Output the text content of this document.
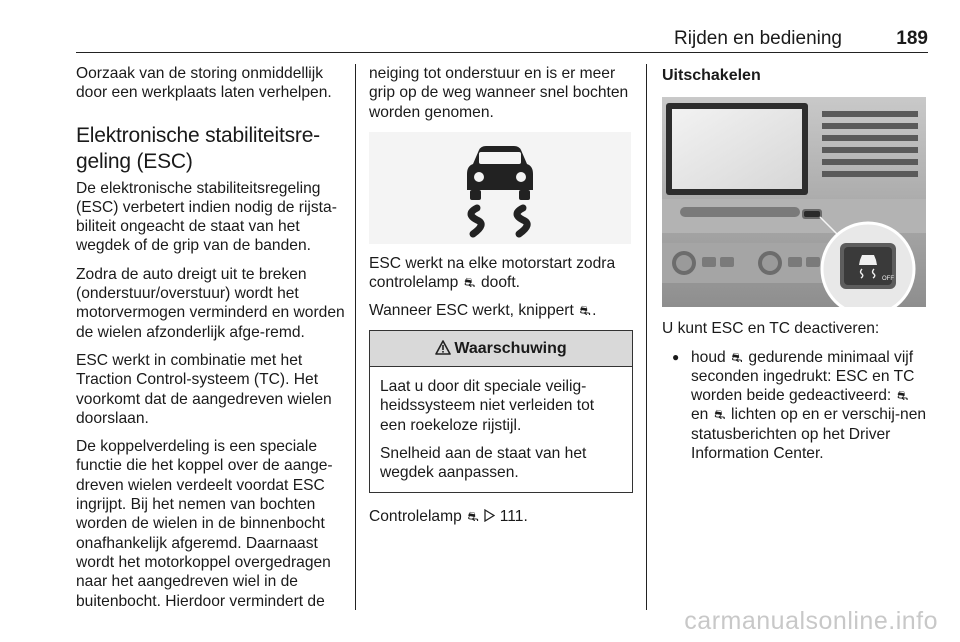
Rijden en bediening	189

Oorzaak van de storing onmiddellijk door een werkplaats laten verhelpen.

Elektronische stabiliteitsre-geling (ESC)

De elektronische stabiliteitsregeling (ESC) verbetert indien nodig de rijsta-biliteit ongeacht de staat van het wegdek of de grip van de banden.

Zodra de auto dreigt uit te breken (onderstuur/overstuur) wordt het motorvermogen verminderd en worden de wielen afzonderlijk afge-remd.

ESC werkt in combinatie met het Traction Control-systeem (TC). Het voorkomt dat de aangedreven wielen doorslaan.

De koppelverdeling is een speciale functie die het koppel over de aange-dreven wielen verdeelt voordat ESC ingrijpt. Bij het nemen van bochten worden de wielen in de binnenbocht onafhankelijk afgeremd. Daarnaast wordt het motorkoppel overgedragen naar het aangedreven wiel in de buitenbocht. Hierdoor vermindert de

neiging tot onderstuur en is er meer grip op de weg wanneer snel bochten worden genomen.

ESC werkt na elke motorstart zodra controlelamp ⛐ dooft.

Wanneer ESC werkt, knippert ⛐.

Waarschuwing

Laat u door dit speciale veilig-heidssysteem niet verleiden tot een roekeloze rijstijl.

Snelheid aan de staat van het wegdek aanpassen.

Controlelamp ⛐ 111.

Uitschakelen
OFF

U kunt ESC en TC deactiveren:

● houd ⛐ gedurende minimaal vijf seconden ingedrukt: ESC en TC worden beide gedeactiveerd: ⛐ en ⛐ lichten op en er verschij-nen statusberichten op het Driver Information Center.
carmanualsonline.info
